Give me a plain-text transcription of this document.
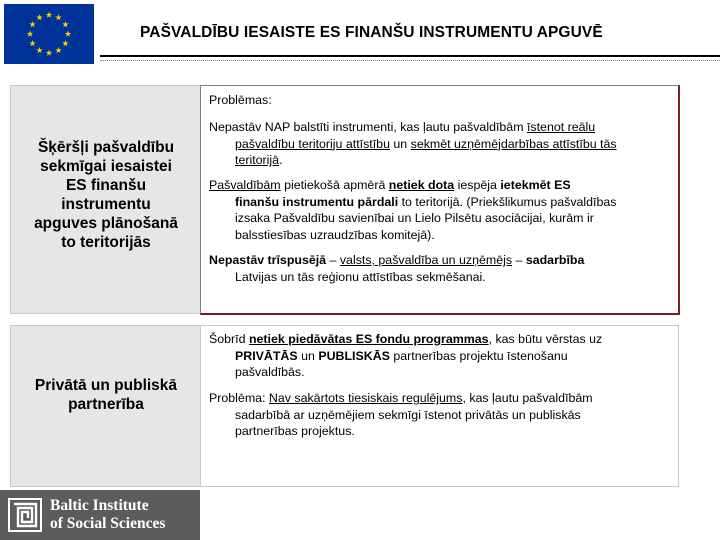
PAŠVALDĪBU IESAISTE ES FINANŠU INSTRUMENTU APGUVĒ
Šķēršļi pašvaldību
sekmīgai iesaistei
ES finanšu
instrumentu
apguves plānošanā
to teritorijās
Problēmas:
Nepastāv NAP balstīti instrumenti, kas ļautu pašvaldībām īstenot reālu
pašvaldību teritoriju attīstību un sekmēt uzņēmējdarbības attīstību tās
teritorijā.
Pašvaldībām pietiekošā apmērā netiek dota iespēja ietekmēt ES
finanšu instrumentu pārdali to teritorijā. (Priekšlikumus pašvaldības
izsaka Pašvaldību savienībai un Lielo Pilsētu asociācijai, kurām ir
balsstiesības uzraudzības komitejā).
Nepastāv trīspusējā – valsts, pašvaldība un uzņēmējs – sadarbība
Latvijas un tās reģionu attīstības sekmēšanai.
Privātā un publiskā
partnerība
Šobrīd netiek piedāvātas ES fondu programmas, kas būtu vērstas uz
PRIVĀTĀS un PUBLISKĀS partnerības projektu īstenošanu
pašvaldībās.
Problēma: Nav sakārtots tiesiskais regulējums, kas ļautu pašvaldībām
sadarbībā ar uzņēmējiem sekmīgi īstenot privātās un publiskās
partnerības projektus.
Baltic Institute
of Social Sciences
